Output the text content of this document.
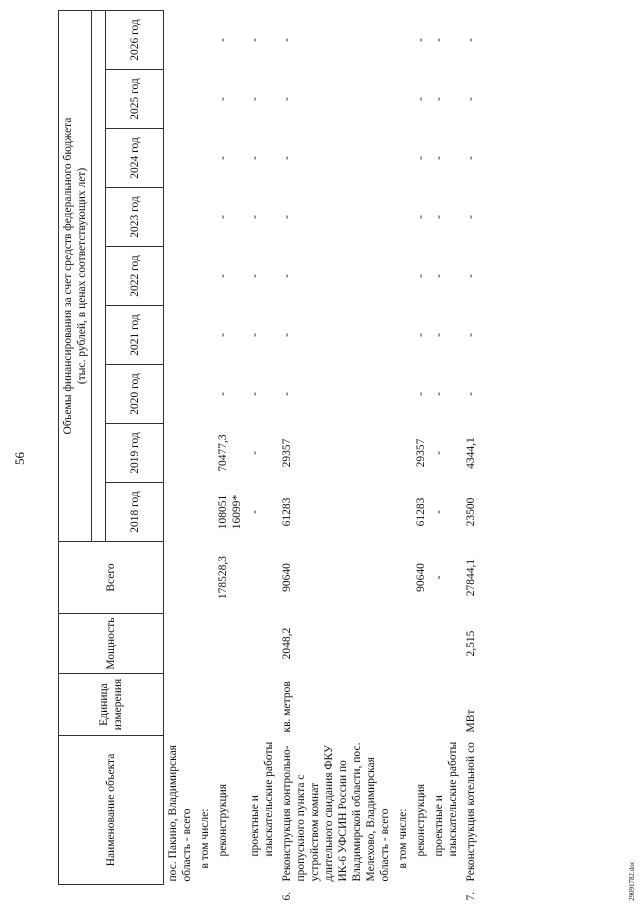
56
Наименование объекта	Единица измерения	Мощность	Всего	Объемы финансирования за счет средств федерального бюджета (тыс. рублей, в ценах соответствующих лет)								

				2018 год	2019 год	2020 год	2021 год	2022 год	2023 год	2024 год	2025 год	2026 год
пос. Пакино, Владимирская область - всего												
в том числе:												
реконструкция			178528,3	108051 16099*	70477,3	-	-	-	-	-	-	-
проектные и изыскательские работы				-	-	-	-	-	-	-	-	-

6.
Реконструкция контрольно-пропускного пункта с устройством комнат длительного свидания ФКУ ИК-6 УФСИН России по Владимирской области, пос. Мелехово, Владимирская область - всего	кв. метров	2048,2	90640	61283	29357	-	-	-	-	-	-	-
в том числе:												
реконструкция			90640	61283	29357	-	-	-	-	-	-	-
проектные и изыскательские работы			-	-	-	-	-	-	-	-	-	-

7.
Реконструкция котельной со	МВт	2,515	27844,1	23500	4344,1	-	-	-	-	-	-	-
29091782.doc
